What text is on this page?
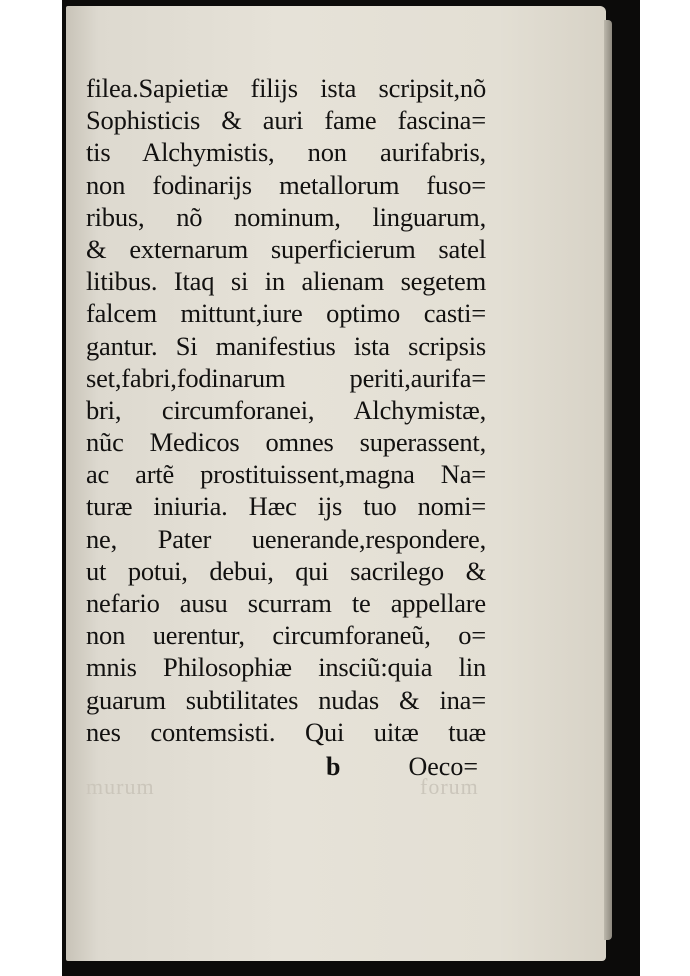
murum	forum
filea.Sapietiæ filijs ista scripsit,nõ
Sophisticis & auri fame fascina=
tis Alchymistis, non aurifabris,
non fodinarijs metallorum fuso=
ribus, nõ nominum, linguarum,
& externarum superficierum satel
litibus. Itaq si in alienam segetem
falcem mittunt,iure optimo casti=
gantur. Si manifestius ista scripsis
set,fabri,fodinarum periti,aurifa=
bri, circumforanei, Alchymistæ,
nũc Medicos omnes superassent,
ac artẽ prostituissent,magna Na=
turæ iniuria. Hæc ijs tuo nomi=
ne, Pater uenerande,respondere,
ut potui, debui, qui sacrilego &
nefario ausu scurram te appellare
non uerentur, circumforaneũ, o=
mnis Philosophiæ insciũ:quia lin
guarum subtilitates nudas & ina=
nes contemsisti. Qui uitæ tuæ
b	Oeco=
